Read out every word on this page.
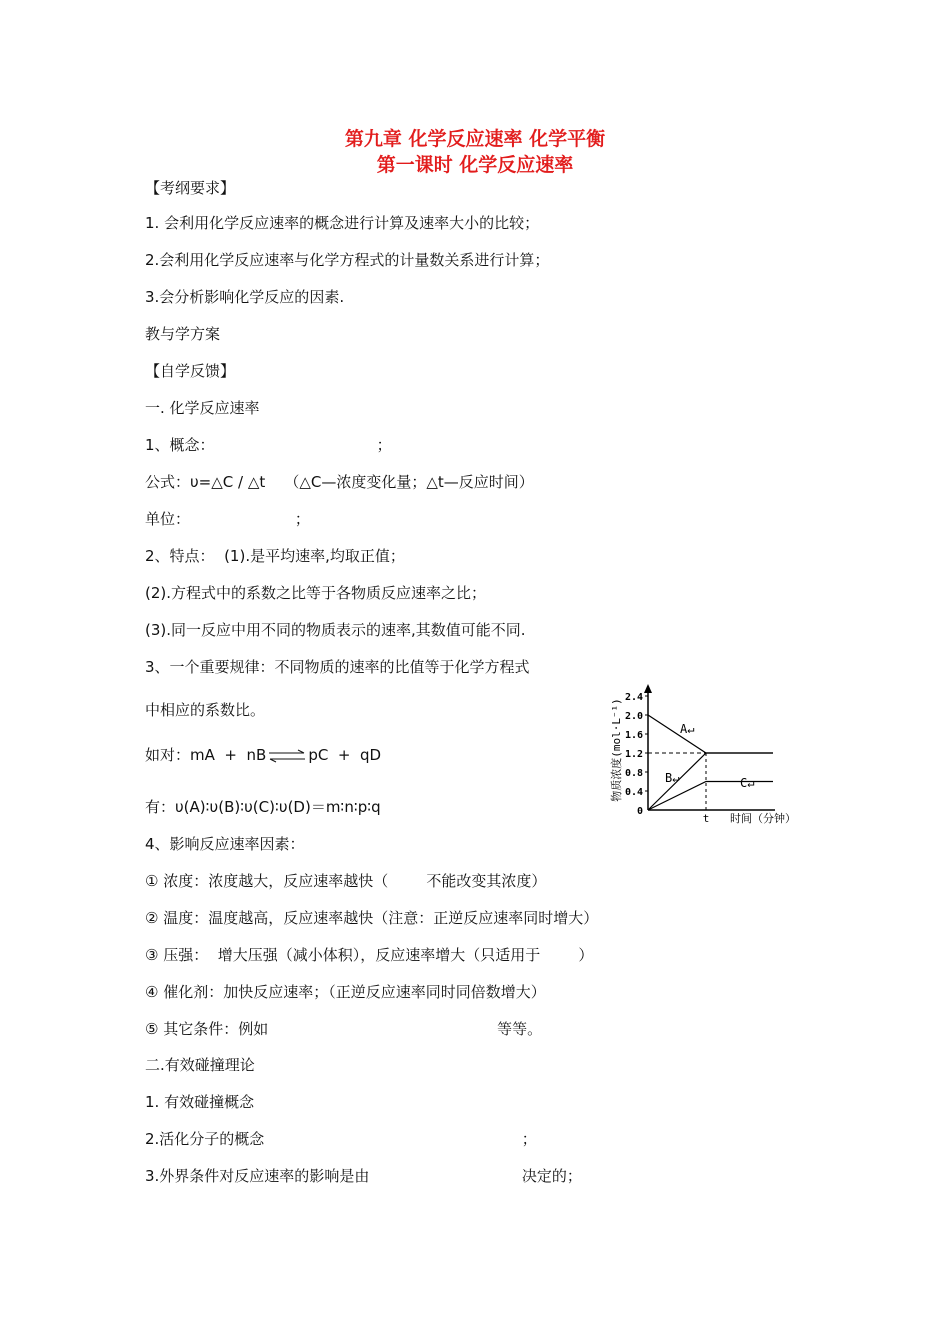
第九章 化学反应速率 化学平衡
第一课时 化学反应速率

【考纲要求】

1. 会利用化学反应速率的概念进行计算及速率大小的比较；

2.会利用化学反应速率与化学方程式的计量数关系进行计算；

3.会分析影响化学反应的因素.

教与学方案

【自学反馈】

一. 化学反应速率

1、概念：                                  ；

公式：υ=△C / △t    （△C—浓度变化量；△t—反应时间）

单位：                      ；

2、特点：  (1).是平均速率,均取正值；

(2).方程式中的系数之比等于各物质反应速率之比；

(3).同一反应中用不同的物质表示的速率,其数值可能不同.

3、一个重要规律：不同物质的速率的比值等于化学方程式

中相应的系数比。

如对：mA  +  nB ⇌ pC  +  qD

有：υ(A)∶υ(B)∶υ(C)∶υ(D)＝m∶n∶p∶q

4、影响反应速率因素：

① 浓度：浓度越大，反应速率越快（        不能改变其浓度）

② 温度：温度越高，反应速率越快（注意：正逆反应速率同时增大）

③ 压强：  增大压强（减小体积），反应速率增大（只适用于        ）

④ 催化剂：加快反应速率；（正逆反应速率同时同倍数增大）

⑤ 其它条件：例如                                                等等。

二.有效碰撞理论

1. 有效碰撞概念

2.活化分子的概念                                                      ；

3.外界条件对反应速率的影响是由                                决定的；

物质浓度(mol·L⁻¹)
t 时间（分钟）
2.4
2.0
1.6
1.2
0.8
0.4
0
A↵
B↵	C↵
